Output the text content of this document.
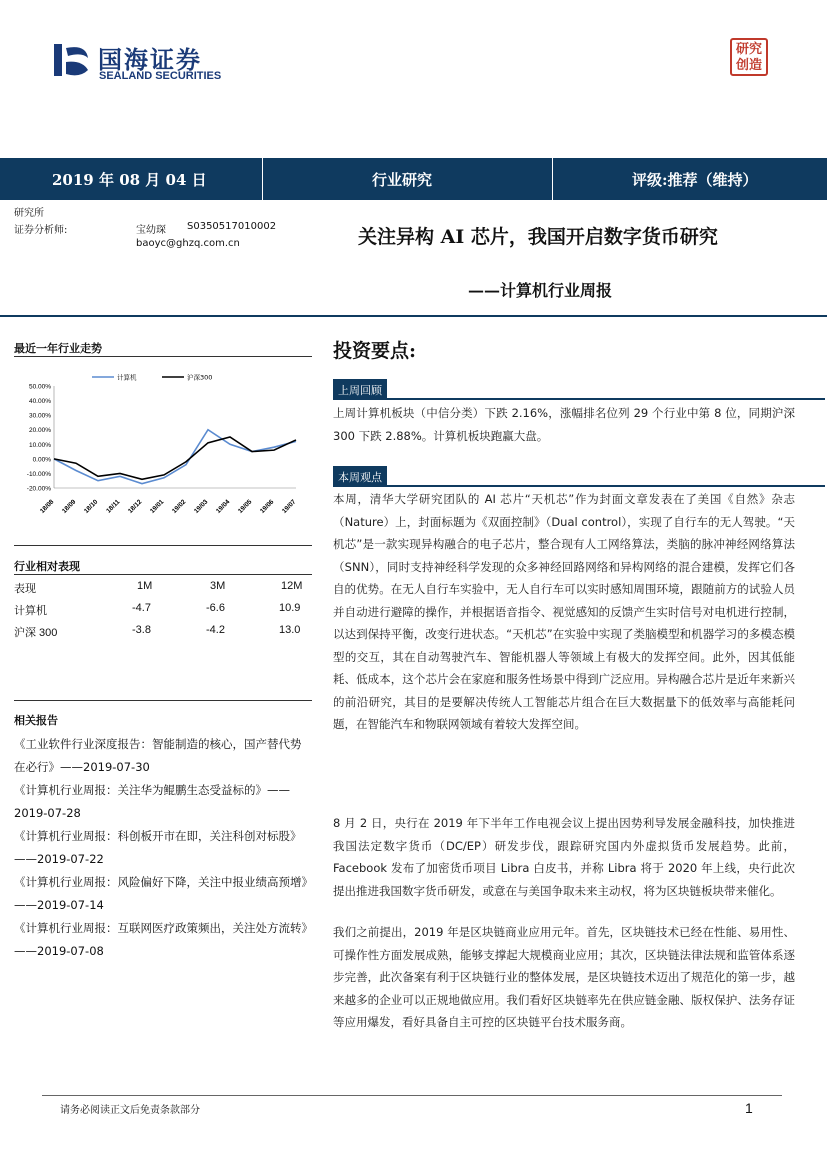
国海证券
SEALAND SECURITIES
研究创造
2019 年 08 月 04 日	行业研究	评级:推荐（维持）
研究所
证券分析师:	宝幼琛 S0350517010002
baoyc@ghzq.com.cn	关注异构 AI 芯片，我国开启数字货币研究
——计算机行业周报
最近一年行业走势
50.00%
40.00%
30.00%
20.00%
10.00%
0.00%
-10.00%
-20.00%
18/08 18/09 18/10 18/11 18/12 19/01 19/02 19/03 19/04 19/05 19/06 19/07
计算机	沪深300
行业相对表现
表现	1M	3M	12M
计算机	-4.7	-6.6	10.9
沪深 300	-3.8	-4.2	13.0
相关报告
《工业软件行业深度报告：智能制造的核心，国产替代势在必行》——2019-07-30
《计算机行业周报：关注华为鲲鹏生态受益标的》——2019-07-28
《计算机行业周报：科创板开市在即，关注科创对标股》——2019-07-22
《计算机行业周报：风险偏好下降，关注中报业绩高预增》——2019-07-14
《计算机行业周报：互联网医疗政策频出，关注处方流转》——2019-07-08
投资要点:
上周回顾
上周计算机板块（中信分类）下跌 2.16%，涨幅排名位列 29 个行业中第 8 位，同期沪深 300 下跌 2.88%。计算机板块跑赢大盘。
本周观点
本周，清华大学研究团队的 AI 芯片“天机芯”作为封面文章发表在了美国《自然》杂志（Nature）上，封面标题为《双面控制》（Dual control），实现了自行车的无人驾驶。“天机芯”是一款实现异构融合的电子芯片，整合现有人工网络算法，类脑的脉冲神经网络算法（SNN），同时支持神经科学发现的众多神经回路网络和异构网络的混合建模，发挥它们各自的优势。在无人自行车实验中，无人自行车可以实时感知周围环境，跟随前方的试验人员并自动进行避障的操作，并根据语音指令、视觉感知的反馈产生实时信号对电机进行控制，以达到保持平衡，改变行进状态。“天机芯”在实验中实现了类脑模型和机器学习的多模态模型的交互，其在自动驾驶汽车、智能机器人等领域上有极大的发挥空间。此外，因其低能耗、低成本，这个芯片会在家庭和服务性场景中得到广泛应用。异构融合芯片是近年来新兴的前沿研究，其目的是要解决传统人工智能芯片组合在巨大数据量下的低效率与高能耗问题，在智能汽车和物联网领域有着较大发挥空间。
8 月 2 日，央行在 2019 年下半年工作电视会议上提出因势利导发展金融科技，加快推进我国法定数字货币（DC/EP）研发步伐，跟踪研究国内外虚拟货币发展趋势。此前，Facebook 发布了加密货币项目 Libra 白皮书，并称 Libra 将于 2020 年上线，央行此次提出推进我国数字货币研发，或意在与美国争取未来主动权，将为区块链板块带来催化。
我们之前提出，2019 年是区块链商业应用元年。首先，区块链技术已经在性能、易用性、可操作性方面发展成熟，能够支撑起大规模商业应用；其次，区块链法律法规和监管体系逐步完善，此次备案有利于区块链行业的整体发展，是区块链技术迈出了规范化的第一步，越来越多的企业可以正规地做应用。我们看好区块链率先在供应链金融、版权保护、法务存证等应用爆发，看好具备自主可控的区块链平台技术服务商。
请务必阅读正文后免责条款部分	1
